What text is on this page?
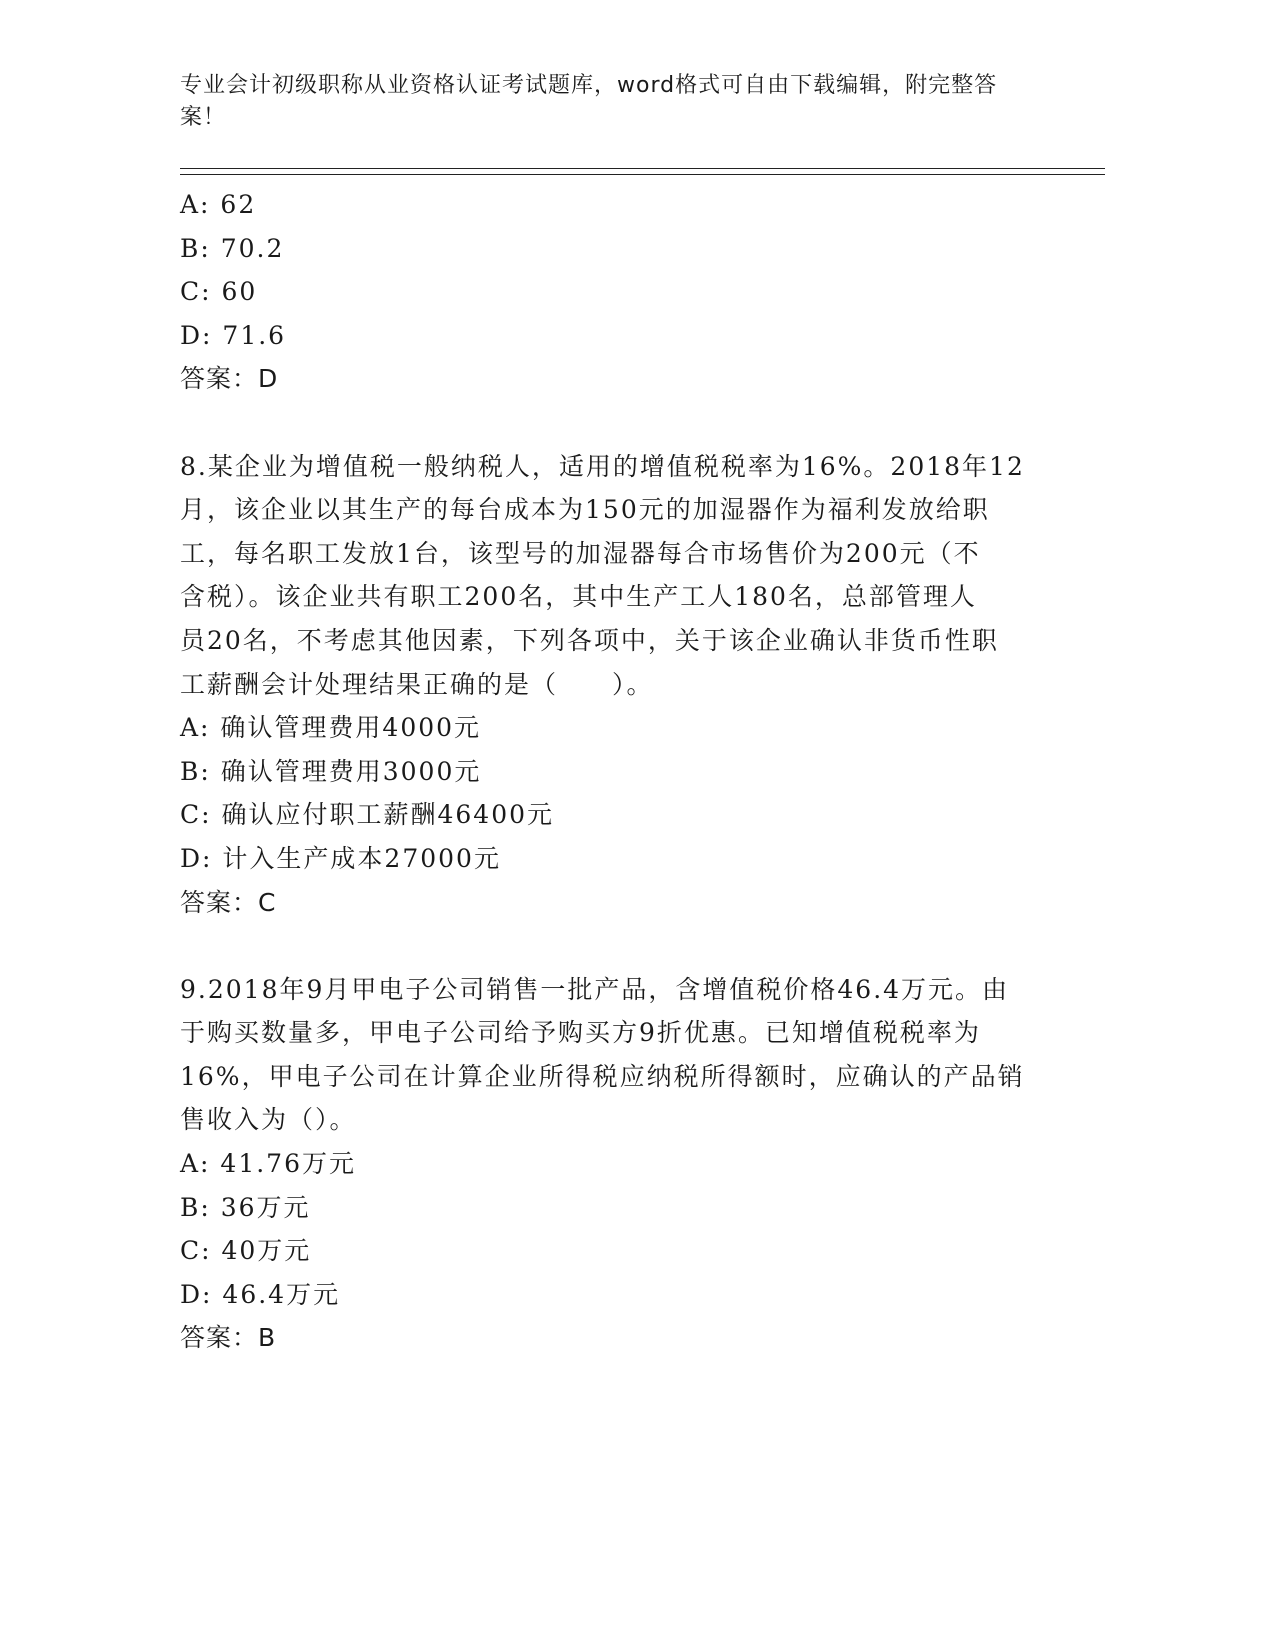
专业会计初级职称从业资格认证考试题库，word格式可自由下载编辑，附完整答
案！
A: 62
B: 70.2
C: 60
D: 71.6
答案：D
8.某企业为增值税一般纳税人，适用的增值税税率为16%。2018年12
月，该企业以其生产的每台成本为150元的加湿器作为福利发放给职
工，每名职工发放1台，该型号的加湿器每合市场售价为200元（不
含税）。该企业共有职工200名，其中生产工人180名，总部管理人
员20名，不考虑其他因素，下列各项中，关于该企业确认非货币性职
工薪酬会计处理结果正确的是（　　）。
A: 确认管理费用4000元
B: 确认管理费用3000元
C: 确认应付职工薪酬46400元
D: 计入生产成本27000元
答案：C
9.2018年9月甲电子公司销售一批产品，含增值税价格46.4万元。由
于购买数量多，甲电子公司给予购买方9折优惠。已知增值税税率为
16%，甲电子公司在计算企业所得税应纳税所得额时，应确认的产品销
售收入为（）。
A: 41.76万元
B: 36万元
C: 40万元
D: 46.4万元
答案：B
